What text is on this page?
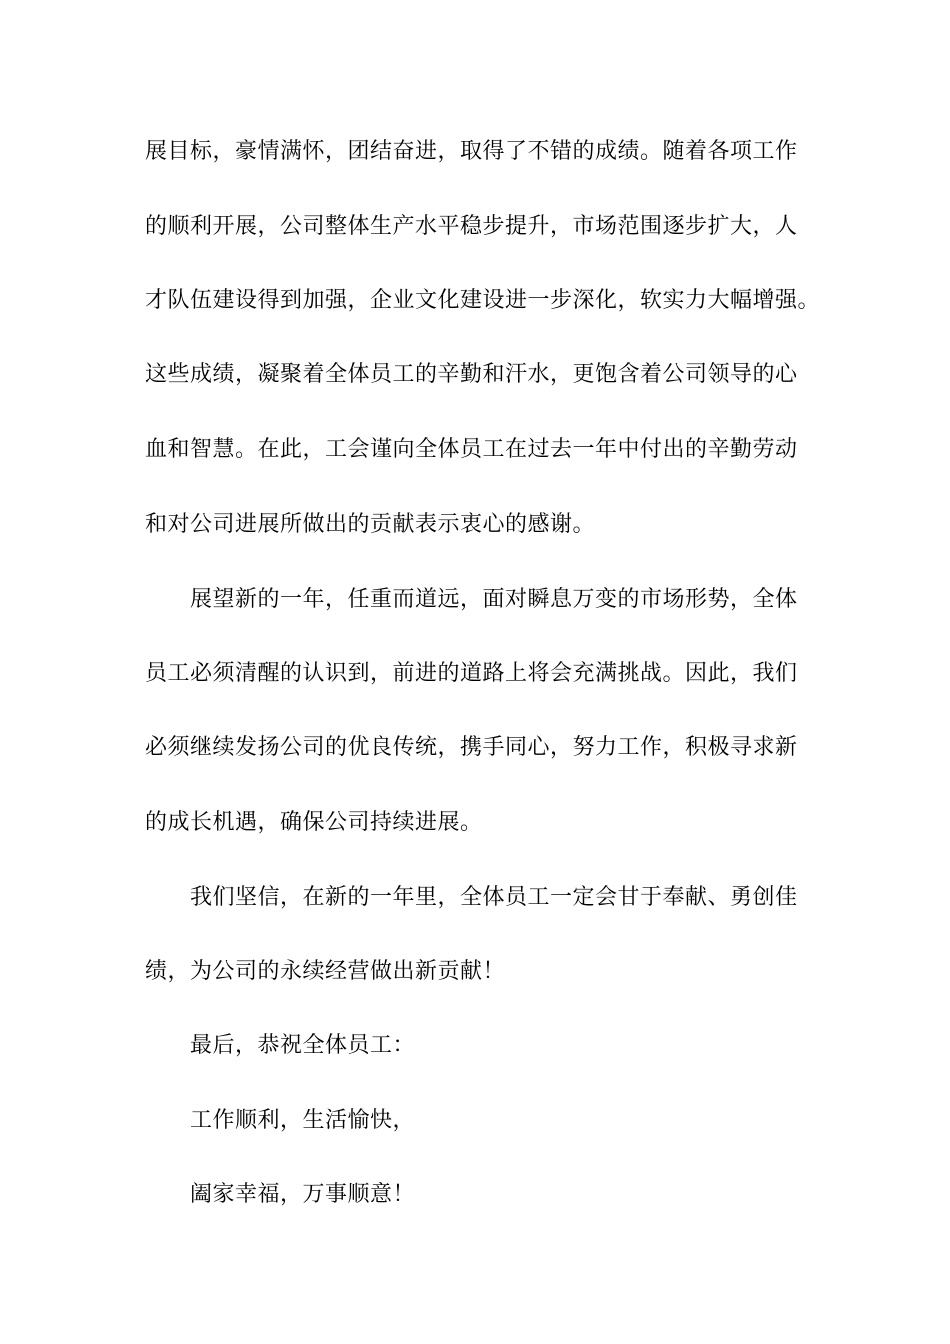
展目标，豪情满怀，团结奋进，取得了不错的成绩。随着各项工作
的顺利开展，公司整体生产水平稳步提升，市场范围逐步扩大，人
才队伍建设得到加强，企业文化建设进一步深化，软实力大幅增强。
这些成绩，凝聚着全体员工的辛勤和汗水，更饱含着公司领导的心
血和智慧。在此，工会谨向全体员工在过去一年中付出的辛勤劳动
和对公司进展所做出的贡献表示衷心的感谢。
展望新的一年，任重而道远，面对瞬息万变的市场形势，全体
员工必须清醒的认识到，前进的道路上将会充满挑战。因此，我们
必须继续发扬公司的优良传统，携手同心，努力工作，积极寻求新
的成长机遇，确保公司持续进展。
我们坚信，在新的一年里，全体员工一定会甘于奉献、勇创佳
绩，为公司的永续经营做出新贡献！
最后，恭祝全体员工：
工作顺利，生活愉快，
阖家幸福，万事顺意！
